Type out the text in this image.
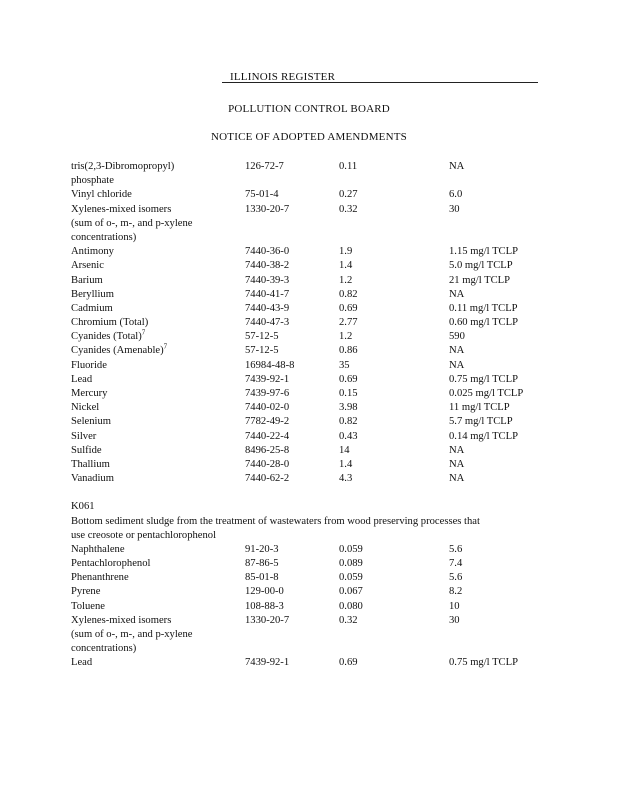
ILLINOIS REGISTER
POLLUTION CONTROL BOARD
NOTICE OF ADOPTED AMENDMENTS
tris(2,3-Dibromopropyl)	126-72-7	0.11	NA
phosphate
Vinyl chloride	75-01-4	0.27	6.0
Xylenes-mixed isomers	1330-20-7	0.32	30
(sum of o-, m-, and p-xylene
concentrations)
Antimony	7440-36-0	1.9	1.15 mg/l TCLP
Arsenic	7440-38-2	1.4	5.0 mg/l TCLP
Barium	7440-39-3	1.2	21 mg/l TCLP
Beryllium	7440-41-7	0.82	NA
Cadmium	7440-43-9	0.69	0.11 mg/l TCLP
Chromium (Total)	7440-47-3	2.77	0.60 mg/l TCLP
Cyanides (Total)$^7$	57-12-5	1.2	590
Cyanides (Amenable)$^7$	57-12-5	0.86	NA
Fluoride	16984-48-8	35	NA
Lead	7439-92-1	0.69	0.75 mg/l TCLP
Mercury	7439-97-6	0.15	0.025 mg/l TCLP
Nickel	7440-02-0	3.98	11 mg/l TCLP
Selenium	7782-49-2	0.82	5.7 mg/l TCLP
Silver	7440-22-4	0.43	0.14 mg/l TCLP
Sulfide	8496-25-8	14	NA
Thallium	7440-28-0	1.4	NA
Vanadium	7440-62-2	4.3	NA
K061
Bottom sediment sludge from the treatment of wastewaters from wood preserving processes that
use creosote or pentachlorophenol
Naphthalene	91-20-3	0.059	5.6
Pentachlorophenol	87-86-5	0.089	7.4
Phenanthrene	85-01-8	0.059	5.6
Pyrene	129-00-0	0.067	8.2
Toluene	108-88-3	0.080	10
Xylenes-mixed isomers	1330-20-7	0.32	30
(sum of o-, m-, and p-xylene
concentrations)
Lead	7439-92-1	0.69	0.75 mg/l TCLP
